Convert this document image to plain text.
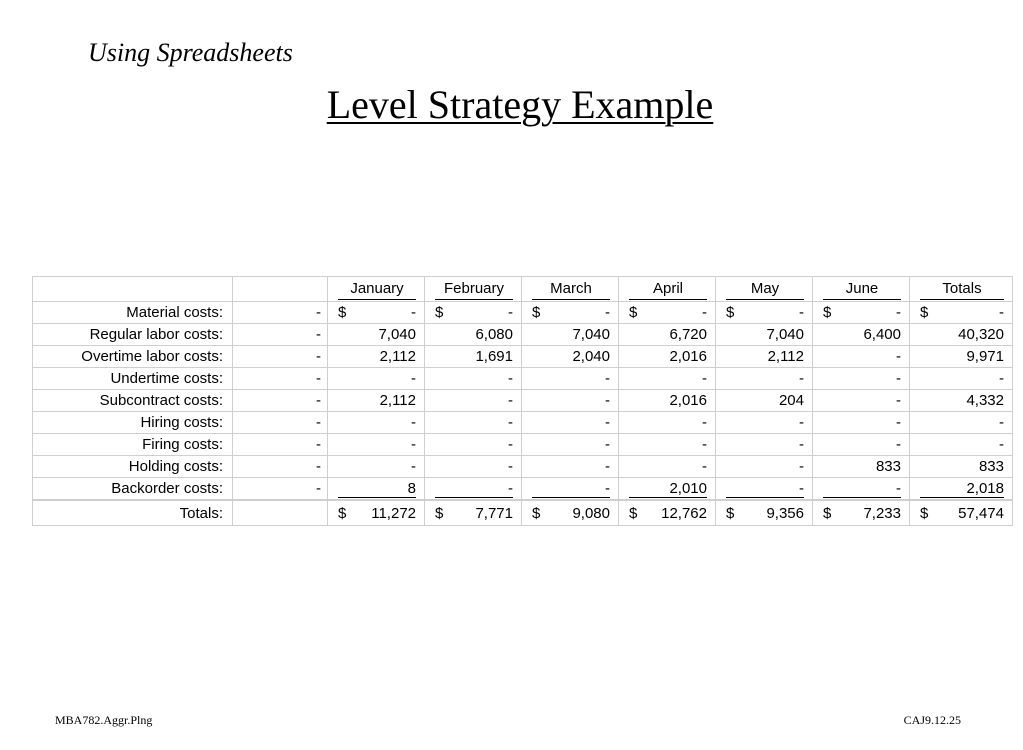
Using Spreadsheets
Level Strategy Example

		January	February	March	April	May	June	Totals

Material costs:	-	$ -	$ -	$ -	$ -	$ -	$ -	$ -

Regular labor costs:	-	7,040	6,080	7,040	6,720	7,040	6,400	40,320

Overtime labor costs:	-	2,112	1,691	2,040	2,016	2,112	-	9,971

Undertime costs:	-	-	-	-	-	-	-	-

Subcontract costs:	-	2,112	-	-	2,016	204	-	4,332

Hiring costs:	-	-	-	-	-	-	-	-

Firing costs:	-	-	-	-	-	-	-	-

Holding costs:	-	-	-	-	-	-	833	833

Backorder costs:	-	8	-	-	2,010	-	-	2,018

Totals:		$ 11,272	$ 7,771	$ 9,080	$ 12,762	$ 9,356	$ 7,233	$ 57,474
MBA782.Aggr.Plng	CAJ9.12.25
